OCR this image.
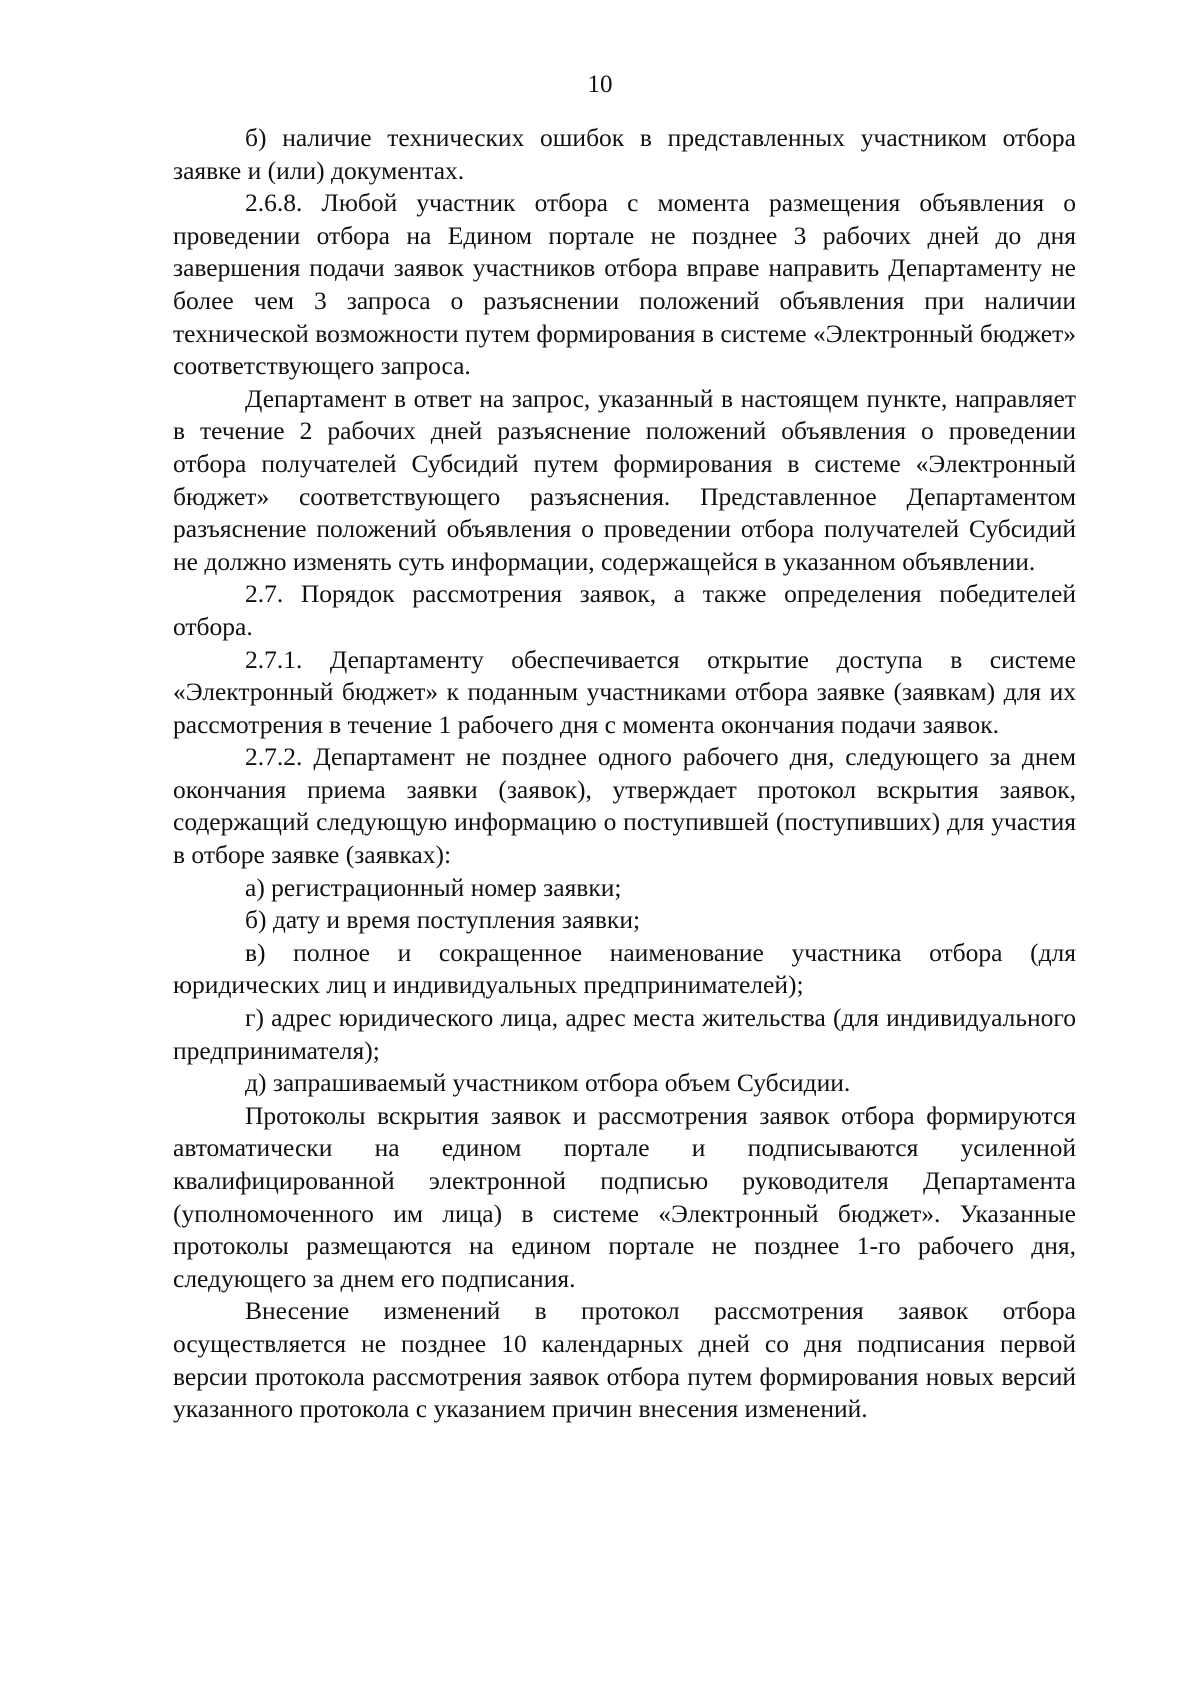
10

б) наличие технических ошибок в представленных участником отбора заявке и (или) документах.

2.6.8. Любой участник отбора с момента размещения объявления о проведении отбора на Едином портале не позднее 3 рабочих дней до дня завершения подачи заявок участников отбора вправе направить Департаменту не более чем 3 запроса о разъяснении положений объявления при наличии технической возможности путем формирования в системе «Электронный бюджет» соответствующего запроса.

Департамент в ответ на запрос, указанный в настоящем пункте, направляет в течение 2 рабочих дней разъяснение положений объявления о проведении отбора получателей Субсидий путем формирования в системе «Электронный бюджет» соответствующего разъяснения. Представленное Департаментом разъяснение положений объявления о проведении отбора получателей Субсидий не должно изменять суть информации, содержащейся в указанном объявлении.

2.7. Порядок рассмотрения заявок, а также определения победителей отбора.

2.7.1. Департаменту обеспечивается открытие доступа в системе «Электронный бюджет» к поданным участниками отбора заявке (заявкам) для их рассмотрения в течение 1 рабочего дня с момента окончания подачи заявок.

2.7.2. Департамент не позднее одного рабочего дня, следующего за днем окончания приема заявки (заявок), утверждает протокол вскрытия заявок, содержащий следующую информацию о поступившей (поступивших) для участия в отборе заявке (заявках):

а) регистрационный номер заявки;

б) дату и время поступления заявки;

в) полное и сокращенное наименование участника отбора (для юридических лиц и индивидуальных предпринимателей);

г) адрес юридического лица, адрес места жительства (для индивидуального предпринимателя);

д) запрашиваемый участником отбора объем Субсидии.

Протоколы вскрытия заявок и рассмотрения заявок отбора формируются автоматически на едином портале и подписываются усиленной квалифицированной электронной подписью руководителя Департамента (уполномоченного им лица) в системе «Электронный бюджет». Указанные протоколы размещаются на едином портале не позднее 1-го рабочего дня, следующего за днем его подписания.

Внесение изменений в протокол рассмотрения заявок отбора осуществляется не позднее 10 календарных дней со дня подписания первой версии протокола рассмотрения заявок отбора путем формирования новых версий указанного протокола с указанием причин внесения изменений.
